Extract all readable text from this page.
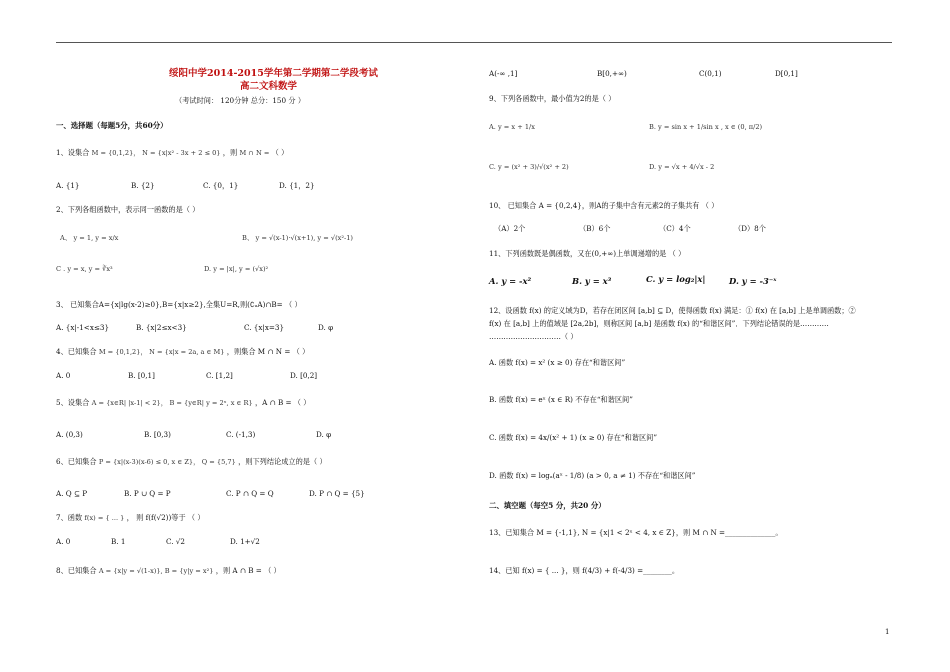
绥阳中学2014-2015学年第二学期第二学段考试
高二文科数学
（考试时间： 120分钟 总分：150 分 ）
一、选择题（每题5分，共60分）
1、设集合 M = {0,1,2}， N = {x|x² - 3x + 2 ≤ 0} ，则 M ∩ N = （ ）
A. {1}	B. {2}	C. {0，1}	D. {1，2}
2、下列各组函数中，表示同一函数的是（ ）
A、 y = 1, y = x/x	B、 y = √(x-1)·√(x+1), y = √(x²-1)
C . y = x, y = ∛x³	D. y = |x|, y = (√x)²
3、 已知集合A={x|lg(x-2)≥0},B={x|x≥2},全集U=R,则(∁ᵤA)∩B= （ ）
A. {x|-1<x≤3}	B. {x|2≤x<3}	C. {x|x=3}	D. φ
4、已知集合 M = {0,1,2}， N = {x|x = 2a, a ∈ M} ，则集合 M ∩ N = （ ）
A. 0	B. [0,1]	C. [1,2]	D. [0,2]
5、设集合 A = {x∈R| |x-1| < 2}， B = {y∈R| y = 2ˣ, x ∈ R} ，A ∩ B = （ ）
A. (0,3)	B. [0,3)	C. (-1,3)	D. φ
6、已知集合 P = {x|(x-3)(x-6) ≤ 0, x ∈ Z}， Q = {5,7} ，则下列结论成立的是（ ）
A. Q ⊆ P	B. P ∪ Q = P	C. P ∩ Q = Q	D. P ∩ Q = {5}
7、函数 f(x) = { ... } ， 则 f(f(√2))等于 （ ）
A. 0	B. 1	C. √2	D. 1+√2
8、已知集合 A = {x|y = √(1-x)}, B = {y|y = x²} ，则 A ∩ B = （ ）
A(-∞ ,1]	B[0,+∞)	C(0,1)	D[0,1]
9、下列各函数中，最小值为2的是（ ）
A. y = x + 1/x	B. y = sin x + 1/sin x , x ∈ (0, π/2)
C. y = (x² + 3)/√(x² + 2)	D. y = √x + 4/√x - 2
10、 已知集合 A = {0,2,4}，则A的子集中含有元素2的子集共有 （ ）
（A）2个	（B）6个	（C）4个	（D）8个
11、下列函数既是偶函数，又在(0,+∞)上单调递增的是 （ ）
A. y = -x²	B. y = x³	C. y = log₂|x|	D. y = -3⁻ˣ
12、设函数 f(x) 的定义域为D，若存在闭区间 [a,b] ⊆ D，使得函数 f(x) 满足：① f(x) 在 [a,b] 上是单调函数；②
f(x) 在 [a,b] 上的值域是 [2a,2b]，则称区间 [a,b] 是函数 f(x) 的“和谐区间”．下列结论错误的是…………
…………………………（ ）
A. 函数 f(x) = x² (x ≥ 0) 存在“和谐区间”
B. 函数 f(x) = eˣ (x ∈ R) 不存在“和谐区间”
C. 函数 f(x) = 4x/(x² + 1) (x ≥ 0) 存在“和谐区间”
D. 函数 f(x) = logₐ(aˣ - 1/8) (a > 0, a ≠ 1) 不存在“和谐区间”
二、填空题（每空5 分，共20 分）
13、已知集合 M = {-1,1}, N = {x|1 < 2ˣ < 4, x ∈ Z}，则 M ∩ N =______________。
14、已知 f(x) = { ... }，则 f(4/3) + f(-4/3) =________。
1
